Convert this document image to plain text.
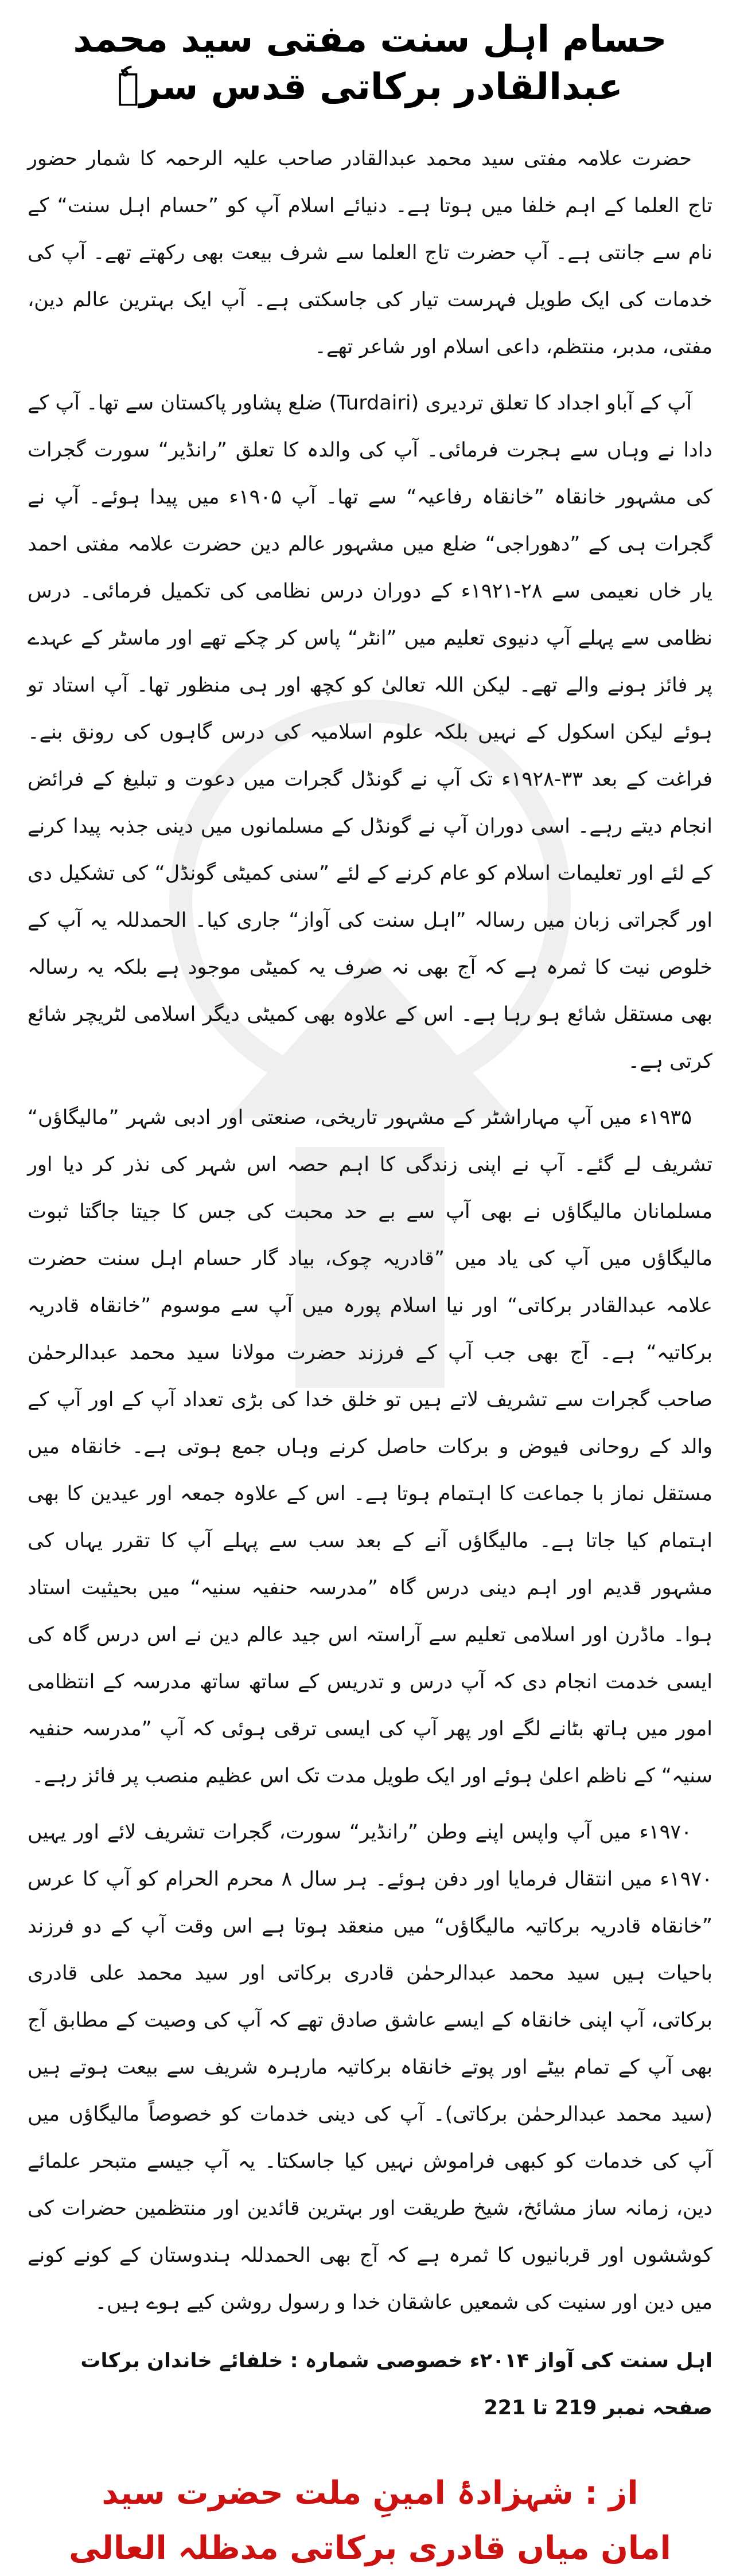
حسام اہل سنت مفتی سید محمد عبدالقادر برکاتی قدس سرہٗ

حضرت علامہ مفتی سید محمد عبدالقادر صاحب علیہ الرحمہ کا شمار حضور تاج العلما کے اہم خلفا میں ہوتا ہے۔ دنیائے اسلام آپ کو ”حسام اہل سنت“ کے نام سے جانتی ہے۔ آپ حضرت تاج العلما سے شرف بیعت بھی رکھتے تھے۔ آپ کی خدمات کی ایک طویل فہرست تیار کی جاسکتی ہے۔ آپ ایک بہترین عالم دین، مفتی، مدبر، منتظم، داعی اسلام اور شاعر تھے۔

آپ کے آباو اجداد کا تعلق تردیری (Turdairi) ضلع پشاور پاکستان سے تھا۔ آپ کے دادا نے وہاں سے ہجرت فرمائی۔ آپ کی والدہ کا تعلق ”رانڈیر“ سورت گجرات کی مشہور خانقاہ ”خانقاہ رفاعیہ“ سے تھا۔ آپ ۱۹۰۵ء میں پیدا ہوئے۔ آپ نے گجرات ہی کے ”دھوراجی“ ضلع میں مشہور عالم دین حضرت علامہ مفتی احمد یار خاں نعیمی سے ۲۸-۱۹۲۱ء کے دوران درس نظامی کی تکمیل فرمائی۔ درس نظامی سے پہلے آپ دنیوی تعلیم میں ”انٹر“ پاس کر چکے تھے اور ماسٹر کے عہدے پر فائز ہونے والے تھے۔ لیکن اللہ تعالیٰ کو کچھ اور ہی منظور تھا۔ آپ استاد تو ہوئے لیکن اسکول کے نہیں بلکہ علوم اسلامیہ کی درس گاہوں کی رونق بنے۔ فراغت کے بعد ۳۳-۱۹۲۸ء تک آپ نے گونڈل گجرات میں دعوت و تبلیغ کے فرائض انجام دیتے رہے۔ اسی دوران آپ نے گونڈل کے مسلمانوں میں دینی جذبہ پیدا کرنے کے لئے اور تعلیمات اسلام کو عام کرنے کے لئے ”سنی کمیٹی گونڈل“ کی تشکیل دی اور گجراتی زبان میں رسالہ ”اہل سنت کی آواز“ جاری کیا۔ الحمدللہ یہ آپ کے خلوص نیت کا ثمرہ ہے کہ آج بھی نہ صرف یہ کمیٹی موجود ہے بلکہ یہ رسالہ بھی مستقل شائع ہو رہا ہے۔ اس کے علاوہ بھی کمیٹی دیگر اسلامی لٹریچر شائع کرتی ہے۔

۱۹۳۵ء میں آپ مہاراشٹر کے مشہور تاریخی، صنعتی اور ادبی شہر ”مالیگاؤں“ تشریف لے گئے۔ آپ نے اپنی زندگی کا اہم حصہ اس شہر کی نذر کر دیا اور مسلمانان مالیگاؤں نے بھی آپ سے بے حد محبت کی جس کا جیتا جاگتا ثبوت مالیگاؤں میں آپ کی یاد میں ”قادریہ چوک، بیاد گار حسام اہل سنت حضرت علامہ عبدالقادر برکاتی“ اور نیا اسلام پورہ میں آپ سے موسوم ”خانقاہ قادریہ برکاتیہ“ ہے۔ آج بھی جب آپ کے فرزند حضرت مولانا سید محمد عبدالرحمٰن صاحب گجرات سے تشریف لاتے ہیں تو خلق خدا کی بڑی تعداد آپ کے اور آپ کے والد کے روحانی فیوض و برکات حاصل کرنے وہاں جمع ہوتی ہے۔ خانقاہ میں مستقل نماز با جماعت کا اہتمام ہوتا ہے۔ اس کے علاوہ جمعہ اور عیدین کا بھی اہتمام کیا جاتا ہے۔ مالیگاؤں آنے کے بعد سب سے پہلے آپ کا تقرر یہاں کی مشہور قدیم اور اہم دینی درس گاہ ”مدرسہ حنفیہ سنیہ“ میں بحیثیت استاد ہوا۔ ماڈرن اور اسلامی تعلیم سے آراستہ اس جید عالم دین نے اس درس گاہ کی ایسی خدمت انجام دی کہ آپ درس و تدریس کے ساتھ ساتھ مدرسہ کے انتظامی امور میں ہاتھ بٹانے لگے اور پھر آپ کی ایسی ترقی ہوئی کہ آپ ”مدرسہ حنفیہ سنیہ“ کے ناظم اعلیٰ ہوئے اور ایک طویل مدت تک اس عظیم منصب پر فائز رہے۔

۱۹۷۰ء میں آپ واپس اپنے وطن ”رانڈیر“ سورت، گجرات تشریف لائے اور یہیں ۱۹۷۰ء میں انتقال فرمایا اور دفن ہوئے۔ ہر سال ۸ محرم الحرام کو آپ کا عرس ”خانقاہ قادریہ برکاتیہ مالیگاؤں“ میں منعقد ہوتا ہے اس وقت آپ کے دو فرزند باحیات ہیں سید محمد عبدالرحمٰن قادری برکاتی اور سید محمد علی قادری برکاتی، آپ اپنی خانقاہ کے ایسے عاشق صادق تھے کہ آپ کی وصیت کے مطابق آج بھی آپ کے تمام بیٹے اور پوتے خانقاہ برکاتیہ مارہرہ شریف سے بیعت ہوتے ہیں (سید محمد عبدالرحمٰن برکاتی)۔ آپ کی دینی خدمات کو خصوصاً مالیگاؤں میں آپ کی خدمات کو کبھی فراموش نہیں کیا جاسکتا۔ یہ آپ جیسے متبحر علمائے دین، زمانہ ساز مشائخ، شیخ طریقت اور بہترین قائدین اور منتظمین حضرات کی کوششوں اور قربانیوں کا ثمرہ ہے کہ آج بھی الحمدللہ ہندوستان کے کونے کونے میں دین اور سنیت کی شمعیں عاشقان خدا و رسول روشن کیے ہوے ہیں۔

اہل سنت کی آواز ۲۰۱۴ء خصوصی شمارہ : خلفائے خاندان برکات صفحہ نمبر 219 تا 221
از : شہزادۂ امینِ ملت حضرت سید
امان میاں قادری برکاتی مدظلہ العالی
